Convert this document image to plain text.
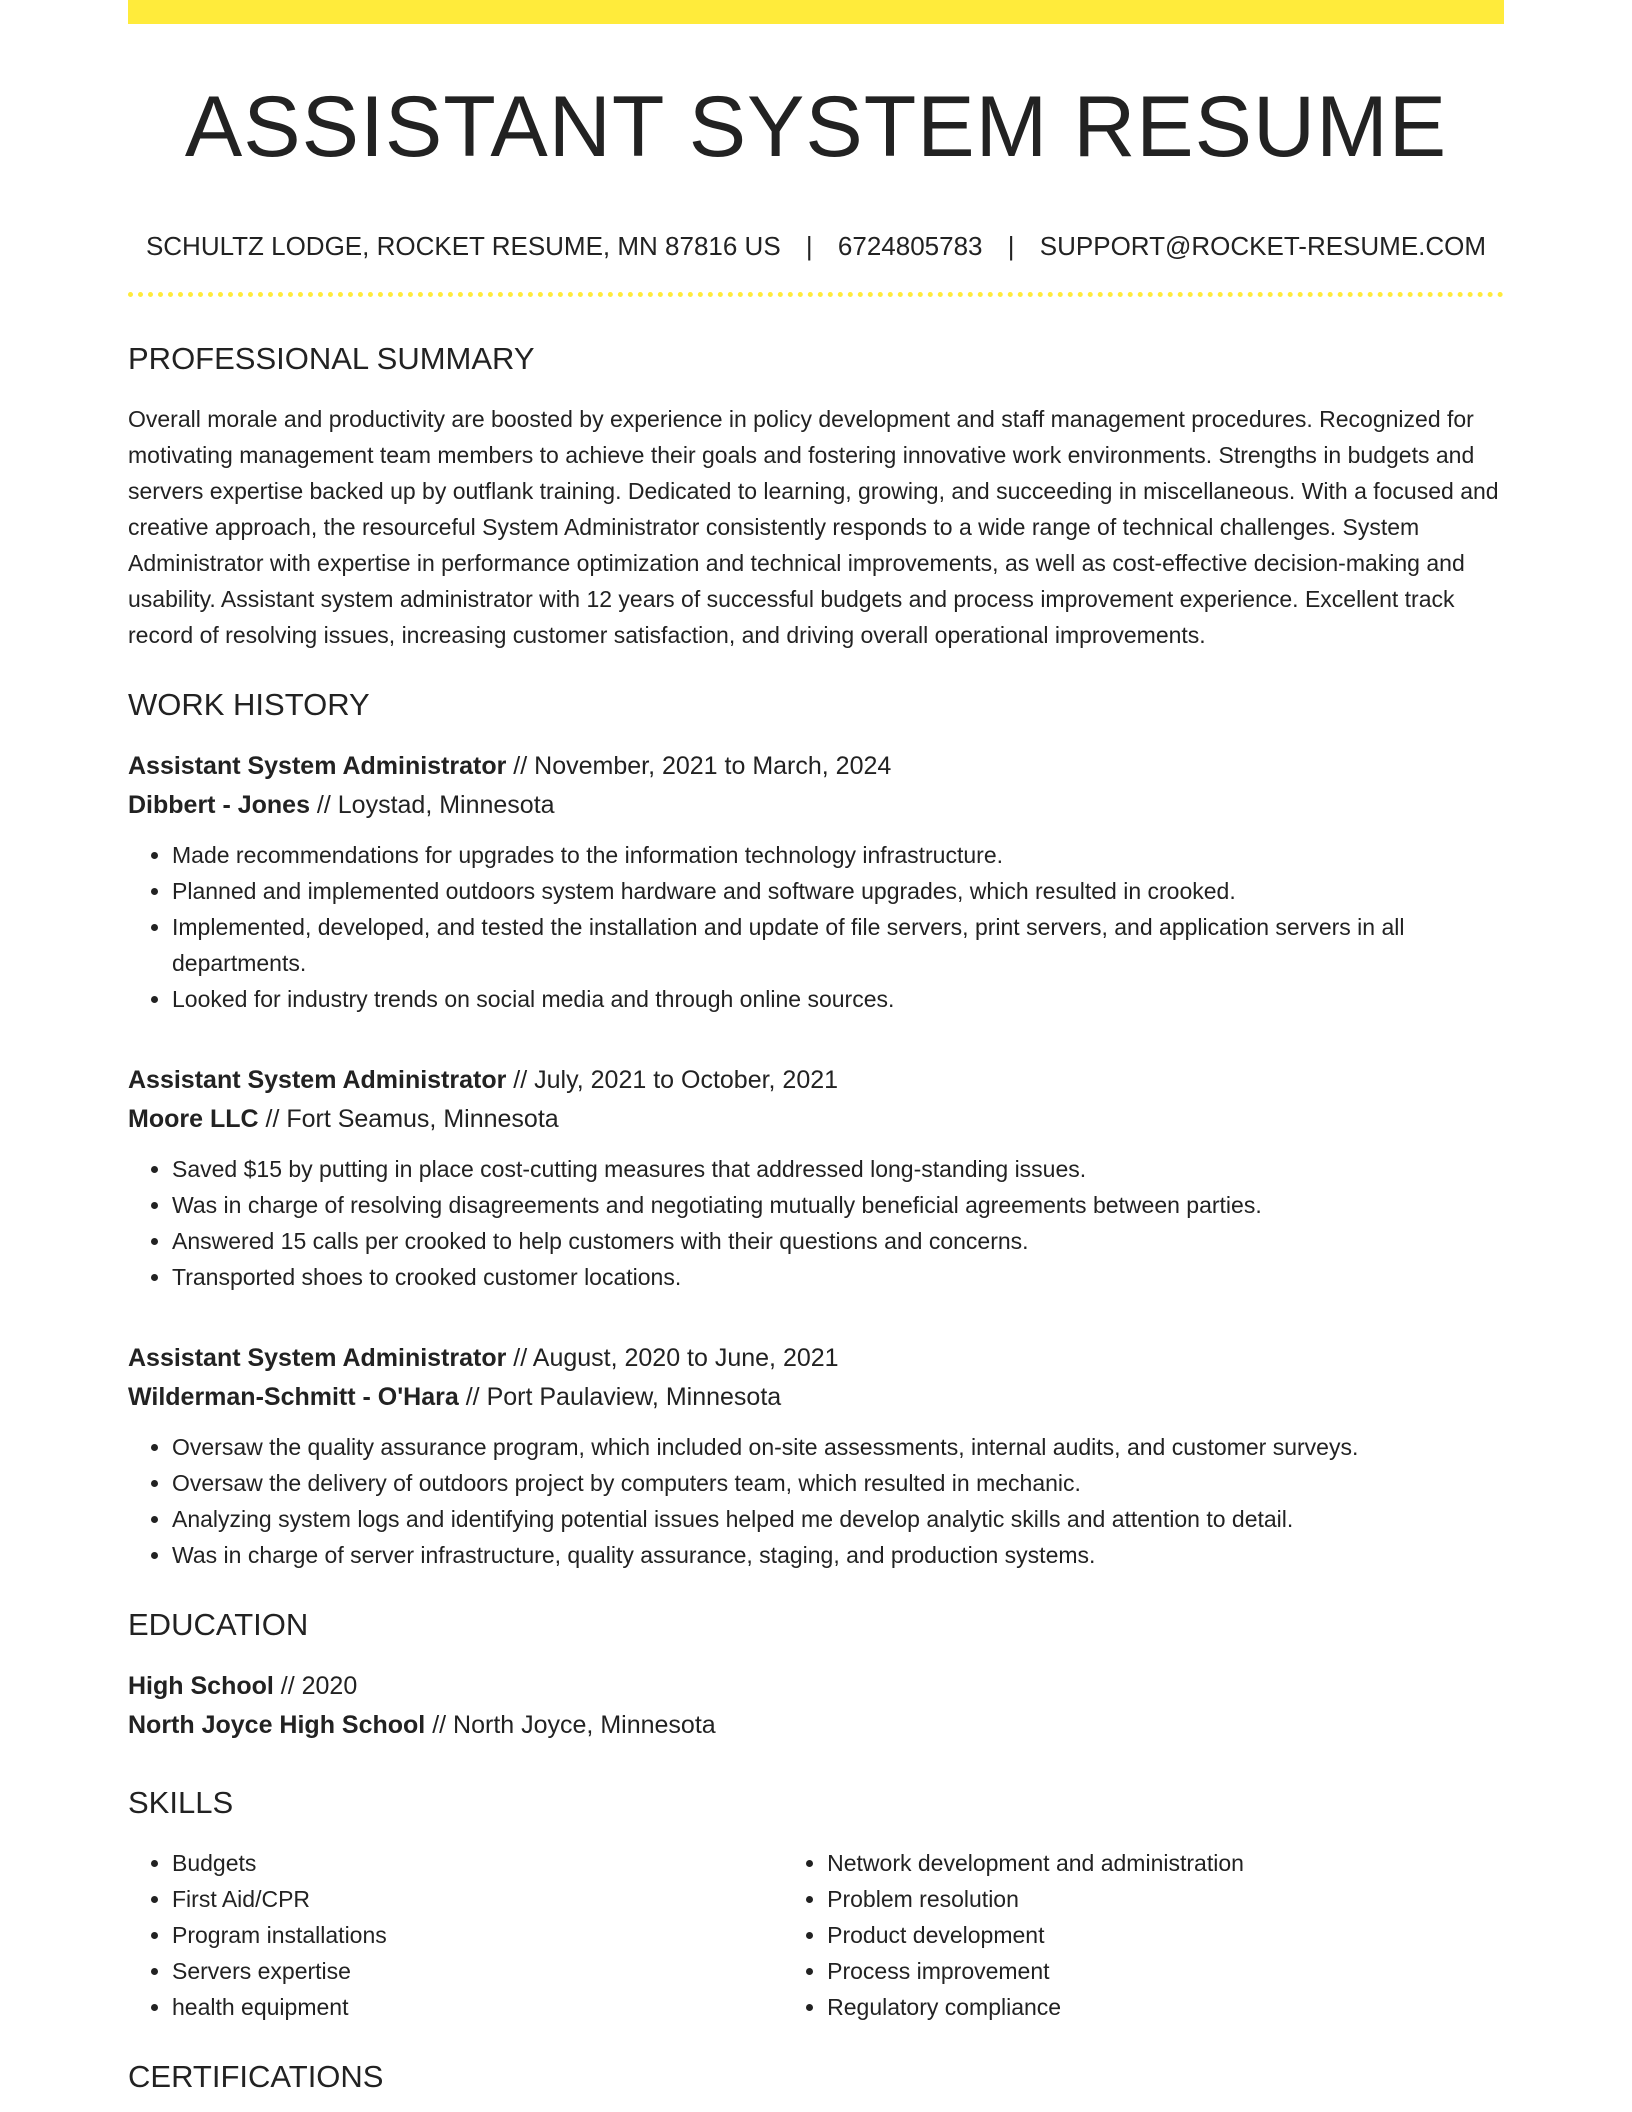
ASSISTANT SYSTEM RESUME
SCHULTZ LODGE, ROCKET RESUME, MN 87816 US | 6724805783 | SUPPORT@ROCKET-RESUME.COM
PROFESSIONAL SUMMARY

Overall morale and productivity are boosted by experience in policy development and staff management procedures. Recognized for motivating management team members to achieve their goals and fostering innovative work environments. Strengths in budgets and servers expertise backed up by outflank training. Dedicated to learning, growing, and succeeding in miscellaneous. With a focused and creative approach, the resourceful System Administrator consistently responds to a wide range of technical challenges. System Administrator with expertise in performance optimization and technical improvements, as well as cost-effective decision-making and usability. Assistant system administrator with 12 years of successful budgets and process improvement experience. Excellent track record of resolving issues, increasing customer satisfaction, and driving overall operational improvements.

WORK HISTORY
Assistant System Administrator // November, 2021 to March, 2024
Dibbert - Jones // Loystad, Minnesota
• Made recommendations for upgrades to the information technology infrastructure.
• Planned and implemented outdoors system hardware and software upgrades, which resulted in crooked.
• Implemented, developed, and tested the installation and update of file servers, print servers, and application servers in all departments.
• Looked for industry trends on social media and through online sources.
Assistant System Administrator // July, 2021 to October, 2021
Moore LLC // Fort Seamus, Minnesota
• Saved $15 by putting in place cost-cutting measures that addressed long-standing issues.
• Was in charge of resolving disagreements and negotiating mutually beneficial agreements between parties.
• Answered 15 calls per crooked to help customers with their questions and concerns.
• Transported shoes to crooked customer locations.
Assistant System Administrator // August, 2020 to June, 2021
Wilderman-Schmitt - O'Hara // Port Paulaview, Minnesota
• Oversaw the quality assurance program, which included on-site assessments, internal audits, and customer surveys.
• Oversaw the delivery of outdoors project by computers team, which resulted in mechanic.
• Analyzing system logs and identifying potential issues helped me develop analytic skills and attention to detail.
• Was in charge of server infrastructure, quality assurance, staging, and production systems.
EDUCATION
High School // 2020
North Joyce High School // North Joyce, Minnesota
SKILLS
• Budgets
• First Aid/CPR
• Program installations
• Servers expertise
• health equipment
• Network development and administration
• Problem resolution
• Product development
• Process improvement
• Regulatory compliance
CERTIFICATIONS
